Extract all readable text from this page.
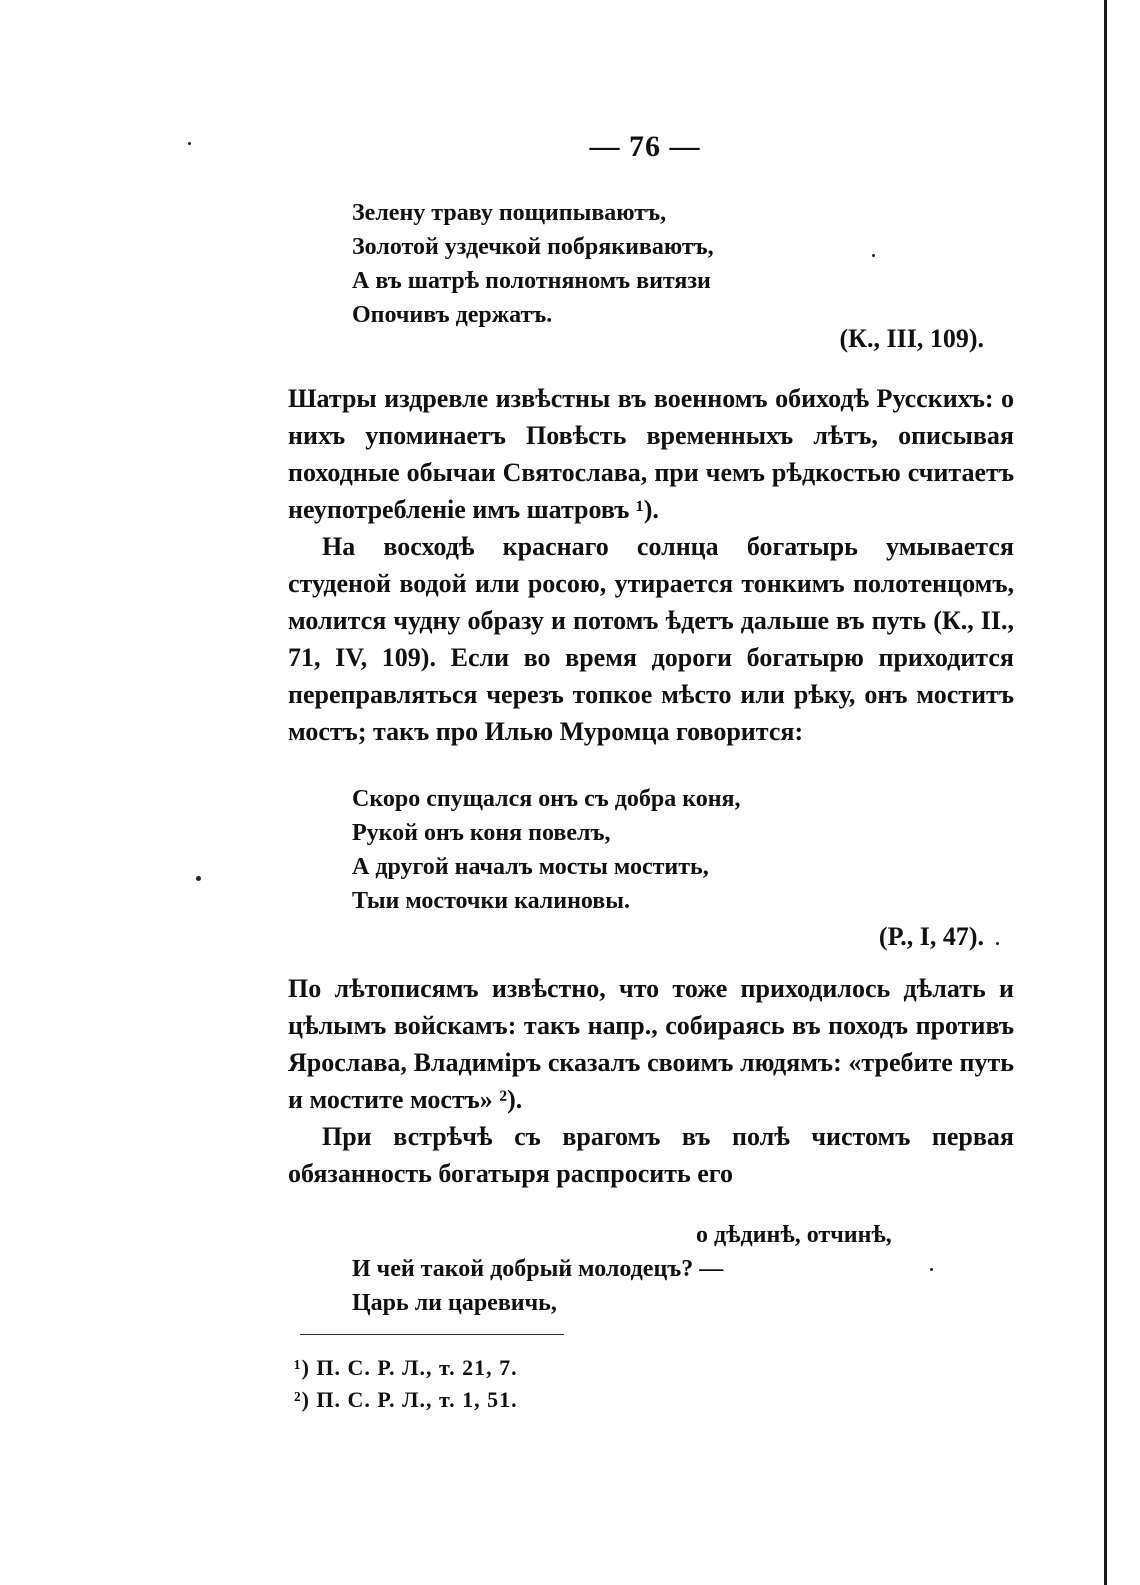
— 76 —
Зелену траву пощипываютъ,
Золотой уздечкой побрякиваютъ,
А въ шатрѣ полотняномъ витязи
Опочивъ держатъ.
(К., III, 109).

Шатры издревле извѣстны въ военномъ обиходѣ Русскихъ: о нихъ упоминаетъ Повѣсть временныхъ лѣтъ, описывая походные обычаи Святослава, при чемъ рѣдкостью считаетъ неупотребленіе имъ шатровъ ¹).

На восходѣ краснаго солнца богатырь умывается студеной водой или росою, утирается тонкимъ полотенцомъ, молится чудну образу и потомъ ѣдетъ дальше въ путь (К., II., 71, IV, 109). Если во время дороги богатырю приходится переправляться черезъ топкое мѣсто или рѣку, онъ моститъ мостъ; такъ про Илью Муромца говорится:

Скоро спущался онъ съ добра коня,
Рукой онъ коня повелъ,
А другой началъ мосты мостить,
Тыи мосточки калиновы.
(Р., I, 47).

По лѣтописямъ извѣстно, что тоже приходилось дѣлать и цѣлымъ войскамъ: такъ напр., собираясь въ походъ противъ Ярослава, Владиміръ сказалъ своимъ людямъ: «требите путь и мостите мостъ» ²).

При встрѣчѣ съ врагомъ въ полѣ чистомъ первая обязанность богатыря распросить его

о дѣдинѣ, отчинѣ,
И чей такой добрый молодецъ? —
Царь ли царевичь,
¹) П. С. Р. Л., т. 21, 7.
²) П. С. Р. Л., т. 1, 51.
